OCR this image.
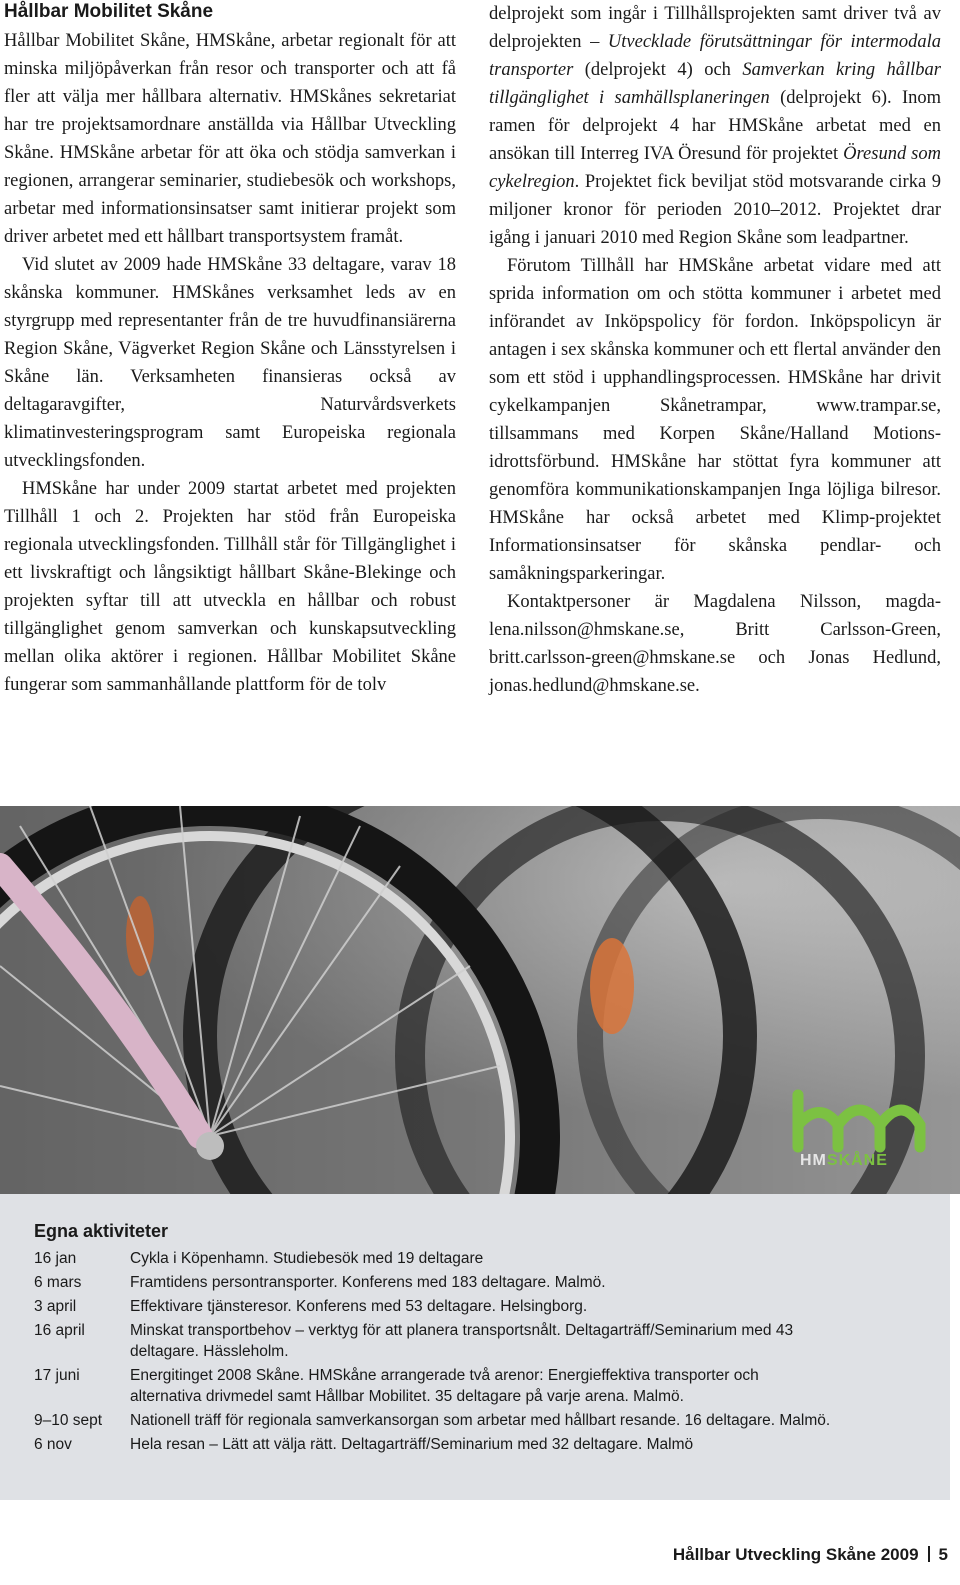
Hållbar Mobilitet Skåne

Hållbar Mobilitet Skåne, HMSkåne, arbetar regionalt för att minska miljöpåverkan från resor och transporter och att få fler att välja mer hållbara alternativ. HMSkånes sekretariat har tre projektsamordnare anställda via Hållbar Utveckling Skåne. HMSkåne arbetar för att öka och stödja samverkan i regionen, arrangerar seminarier, studiebesök och workshops, arbetar med informationsinsatser samt initierar projekt som driver arbetet med ett hållbart transportsystem framåt.

Vid slutet av 2009 hade HMSkåne 33 deltagare, varav 18 skånska kommuner. HMSkånes verksamhet leds av en styrgrupp med representanter från de tre huvudfinansiärerna Region Skåne, Vägverket Region Skåne och Länsstyrelsen i Skåne län. Verksamheten finansieras också av deltagaravgifter, Naturvårdsverkets klimatinvesteringsprogram samt Europeiska regionala utvecklingsfonden.

HMSkåne har under 2009 startat arbetet med projekten Tillhåll 1 och 2. Projekten har stöd från Europeiska regionala utvecklingsfonden. Tillhåll står för Tillgänglighet i ett livskraftigt och långsiktigt hållbart Skåne-Blekinge och projekten syftar till att utveckla en hållbar och robust tillgänglighet genom samverkan och kunskapsutveckling mellan olika aktörer i regionen. Hållbar Mobilitet Skåne fungerar som sammanhållande plattform för de tolv

delprojekt som ingår i Tillhållsprojekten samt driver två av delprojekten – Utvecklade förutsättningar för intermodala transporter (delprojekt 4) och Samverkan kring hållbar tillgänglighet i samhällsplaneringen (delprojekt 6). Inom ramen för delprojekt 4 har HMSkåne arbetat med en ansökan till Interreg IVA Öresund för projektet Öresund som cykelregion. Projektet fick beviljat stöd motsvarande cirka 9 miljoner kronor för perioden 2010–2012. Projektet drar igång i januari 2010 med Region Skåne som leadpartner.

Förutom Tillhåll har HMSkåne arbetat vidare med att sprida information om och stötta kommuner i arbetet med införandet av Inköpspolicy för fordon. Inköpspolicyn är antagen i sex skånska kommuner och ett flertal använder den som ett stöd i upphandlingsprocessen. HMSkåne har drivit cykelkampanjen Skånetrampar, www.trampar.se, tillsammans med Korpen Skåne/Halland Motionsidrottsförbund. HMSkåne har stöttat fyra kommuner att genomföra kommunikationskampanjen Inga löjliga bilresor. HMSkåne har också arbetet med Klimp-projektet Informationsinsatser för skånska pendlar- och samåkningsparkeringar.

Kontaktpersoner är Magdalena Nilsson, magdalena.nilsson@hmskane.se, Britt Carlsson-Green, britt.carlsson-green@hmskane.se och Jonas Hedlund, jonas.hedlund@hmskane.se.

HMSKÅNE
Egna aktiviteter
16 jan	Cykla i Köpenhamn. Studiebesök med 19 deltagare
6 mars	Framtidens persontransporter. Konferens med 183 deltagare. Malmö.
3 april	Effektivare tjänsteresor. Konferens med 53 deltagare. Helsingborg.
16 april	Minskat transportbehov – verktyg för att planera transportsnålt. Deltagarträff/Seminarium med 43 deltagare. Hässleholm.
17 juni	Energitinget 2008 Skåne. HMSkåne arrangerade två arenor: Energieffektiva transporter och alternativa drivmedel samt Hållbar Mobilitet. 35 deltagare på varje arena. Malmö.
9–10 sept	Nationell träff för regionala samverkansorgan som arbetar med hållbart resande. 16 deltagare. Malmö.
6 nov	Hela resan – Lätt att välja rätt. Deltagarträff/Seminarium med 32 deltagare. Malmö
Hållbar Utveckling Skåne 2009 5
